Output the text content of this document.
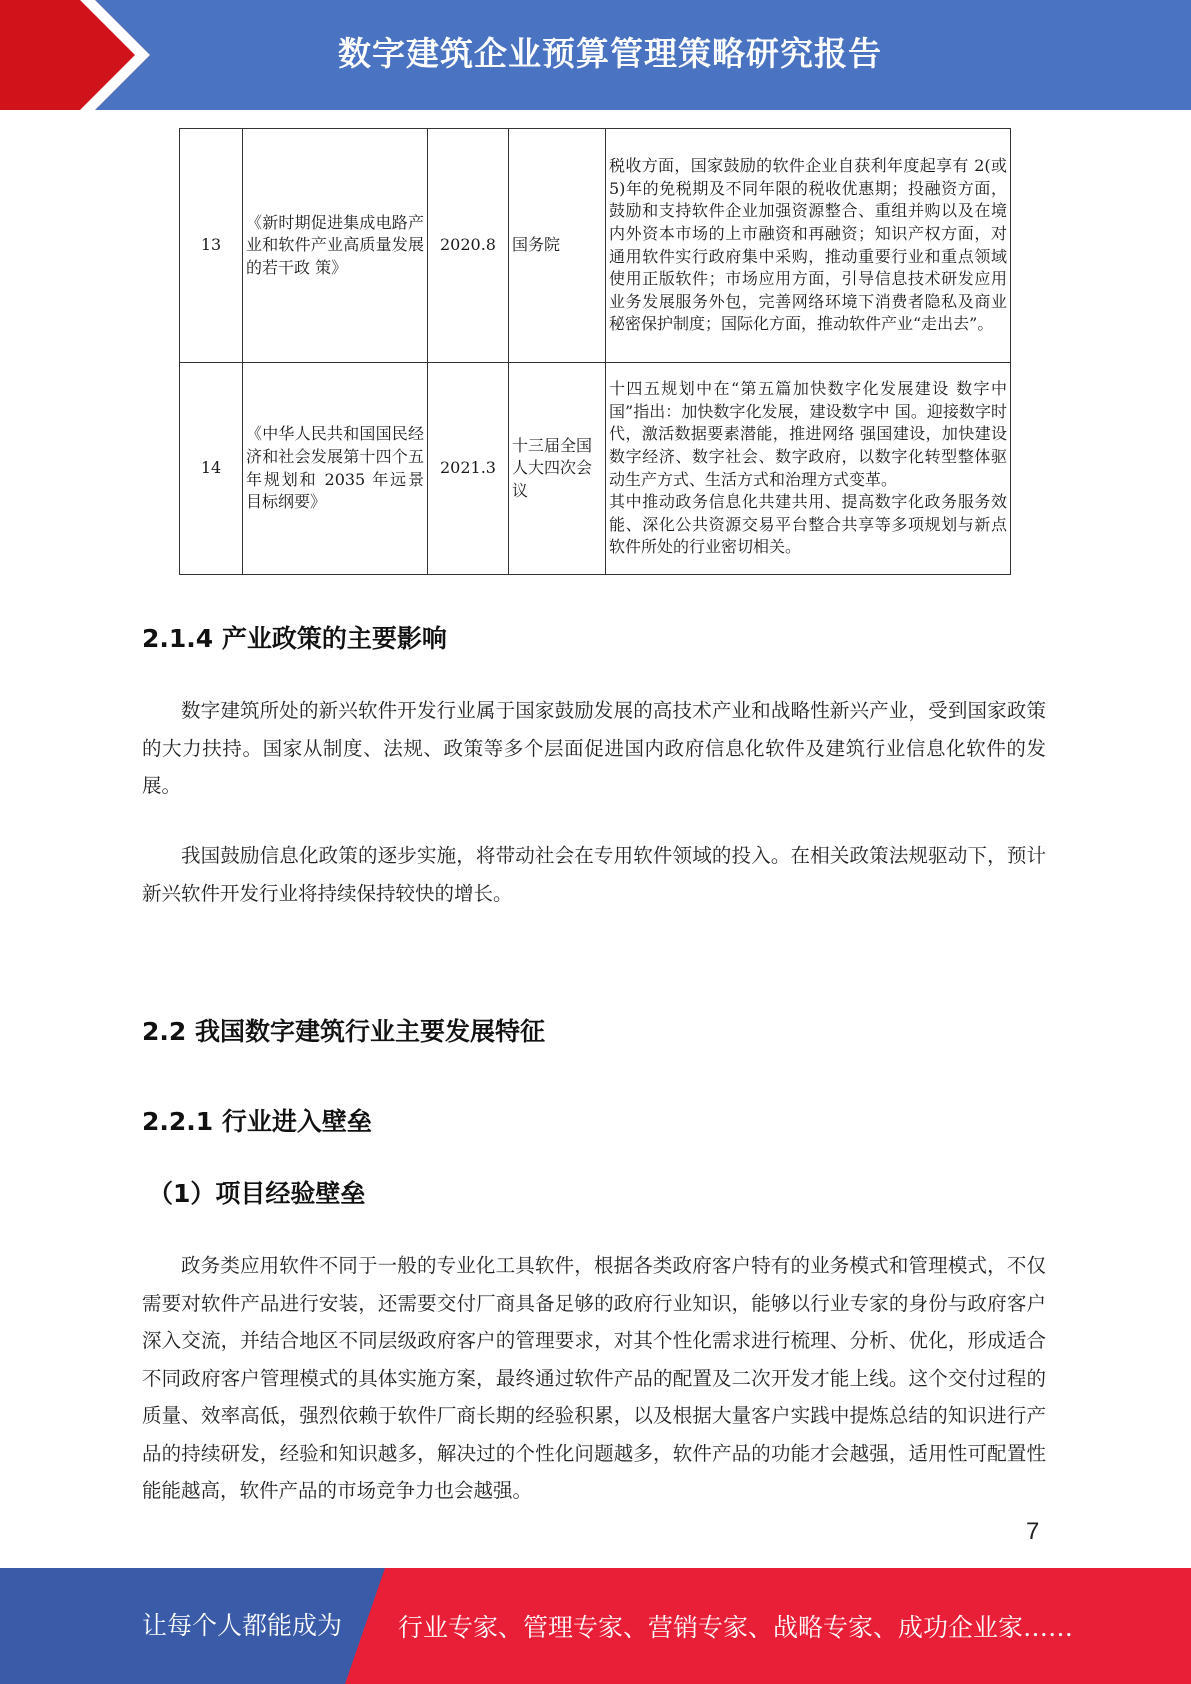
数字建筑企业预算管理策略研究报告
13	《新时期促进集成电路产业和软件产业高质量发展的若干政 策》	2020.8	国务院	税收方面，国家鼓励的软件企业自获利年度起享有 2(或 5)年的免税期及不同年限的税收优惠期；投融资方面，鼓励和支持软件企业加强资源整合、重组并购以及在境内外资本市场的上市融资和再融资；知识产权方面，对通用软件实行政府集中采购，推动重要行业和重点领域使用正版软件；市场应用方面，引导信息技术研发应用业务发展服务外包，完善网络环境下消费者隐私及商业秘密保护制度；国际化方面，推动软件产业“走出去”。

14	《中华人民共和国国民经济和社会发展第十四个五年规划和 2035 年远景目标纲要》	2021.3	十三届全国人大四次会议	十四五规划中在“第五篇加快数字化发展建设 数字中国”指出：加快数字化发展，建设数字中 国。迎接数字时代，激活数据要素潜能，推进网络 强国建设，加快建设数字经济、数字社会、数字政府，以数字化转型整体驱动生产方式、生活方式和治理方式变革。

其中推动政务信息化共建共用、提高数字化政务服务效能、深化公共资源交易平台整合共享等多项规划与新点软件所处的行业密切相关。

2.1.4 产业政策的主要影响

数字建筑所处的新兴软件开发行业属于国家鼓励发展的高技术产业和战略性新兴产业，受到国家政策的大力扶持。国家从制度、法规、政策等多个层面促进国内政府信息化软件及建筑行业信息化软件的发展。

我国鼓励信息化政策的逐步实施，将带动社会在专用软件领域的投入。在相关政策法规驱动下，预计新兴软件开发行业将持续保持较快的增长。

2.2 我国数字建筑行业主要发展特征
2.2.1 行业进入壁垒
（1）项目经验壁垒

政务类应用软件不同于一般的专业化工具软件，根据各类政府客户特有的业务模式和管理模式，不仅需要对软件产品进行安装，还需要交付厂商具备足够的政府行业知识，能够以行业专家的身份与政府客户深入交流，并结合地区不同层级政府客户的管理要求，对其个性化需求进行梳理、分析、优化，形成适合不同政府客户管理模式的具体实施方案，最终通过软件产品的配置及二次开发才能上线。这个交付过程的质量、效率高低，强烈依赖于软件厂商长期的经验积累，以及根据大量客户实践中提炼总结的知识进行产品的持续研发，经验和知识越多，解决过的个性化问题越多，软件产品的功能才会越强，适用性可配置性能能越高，软件产品的市场竞争力也会越强。

7
让每个人都能成为 行业专家、管理专家、营销专家、战略专家、成功企业家……
